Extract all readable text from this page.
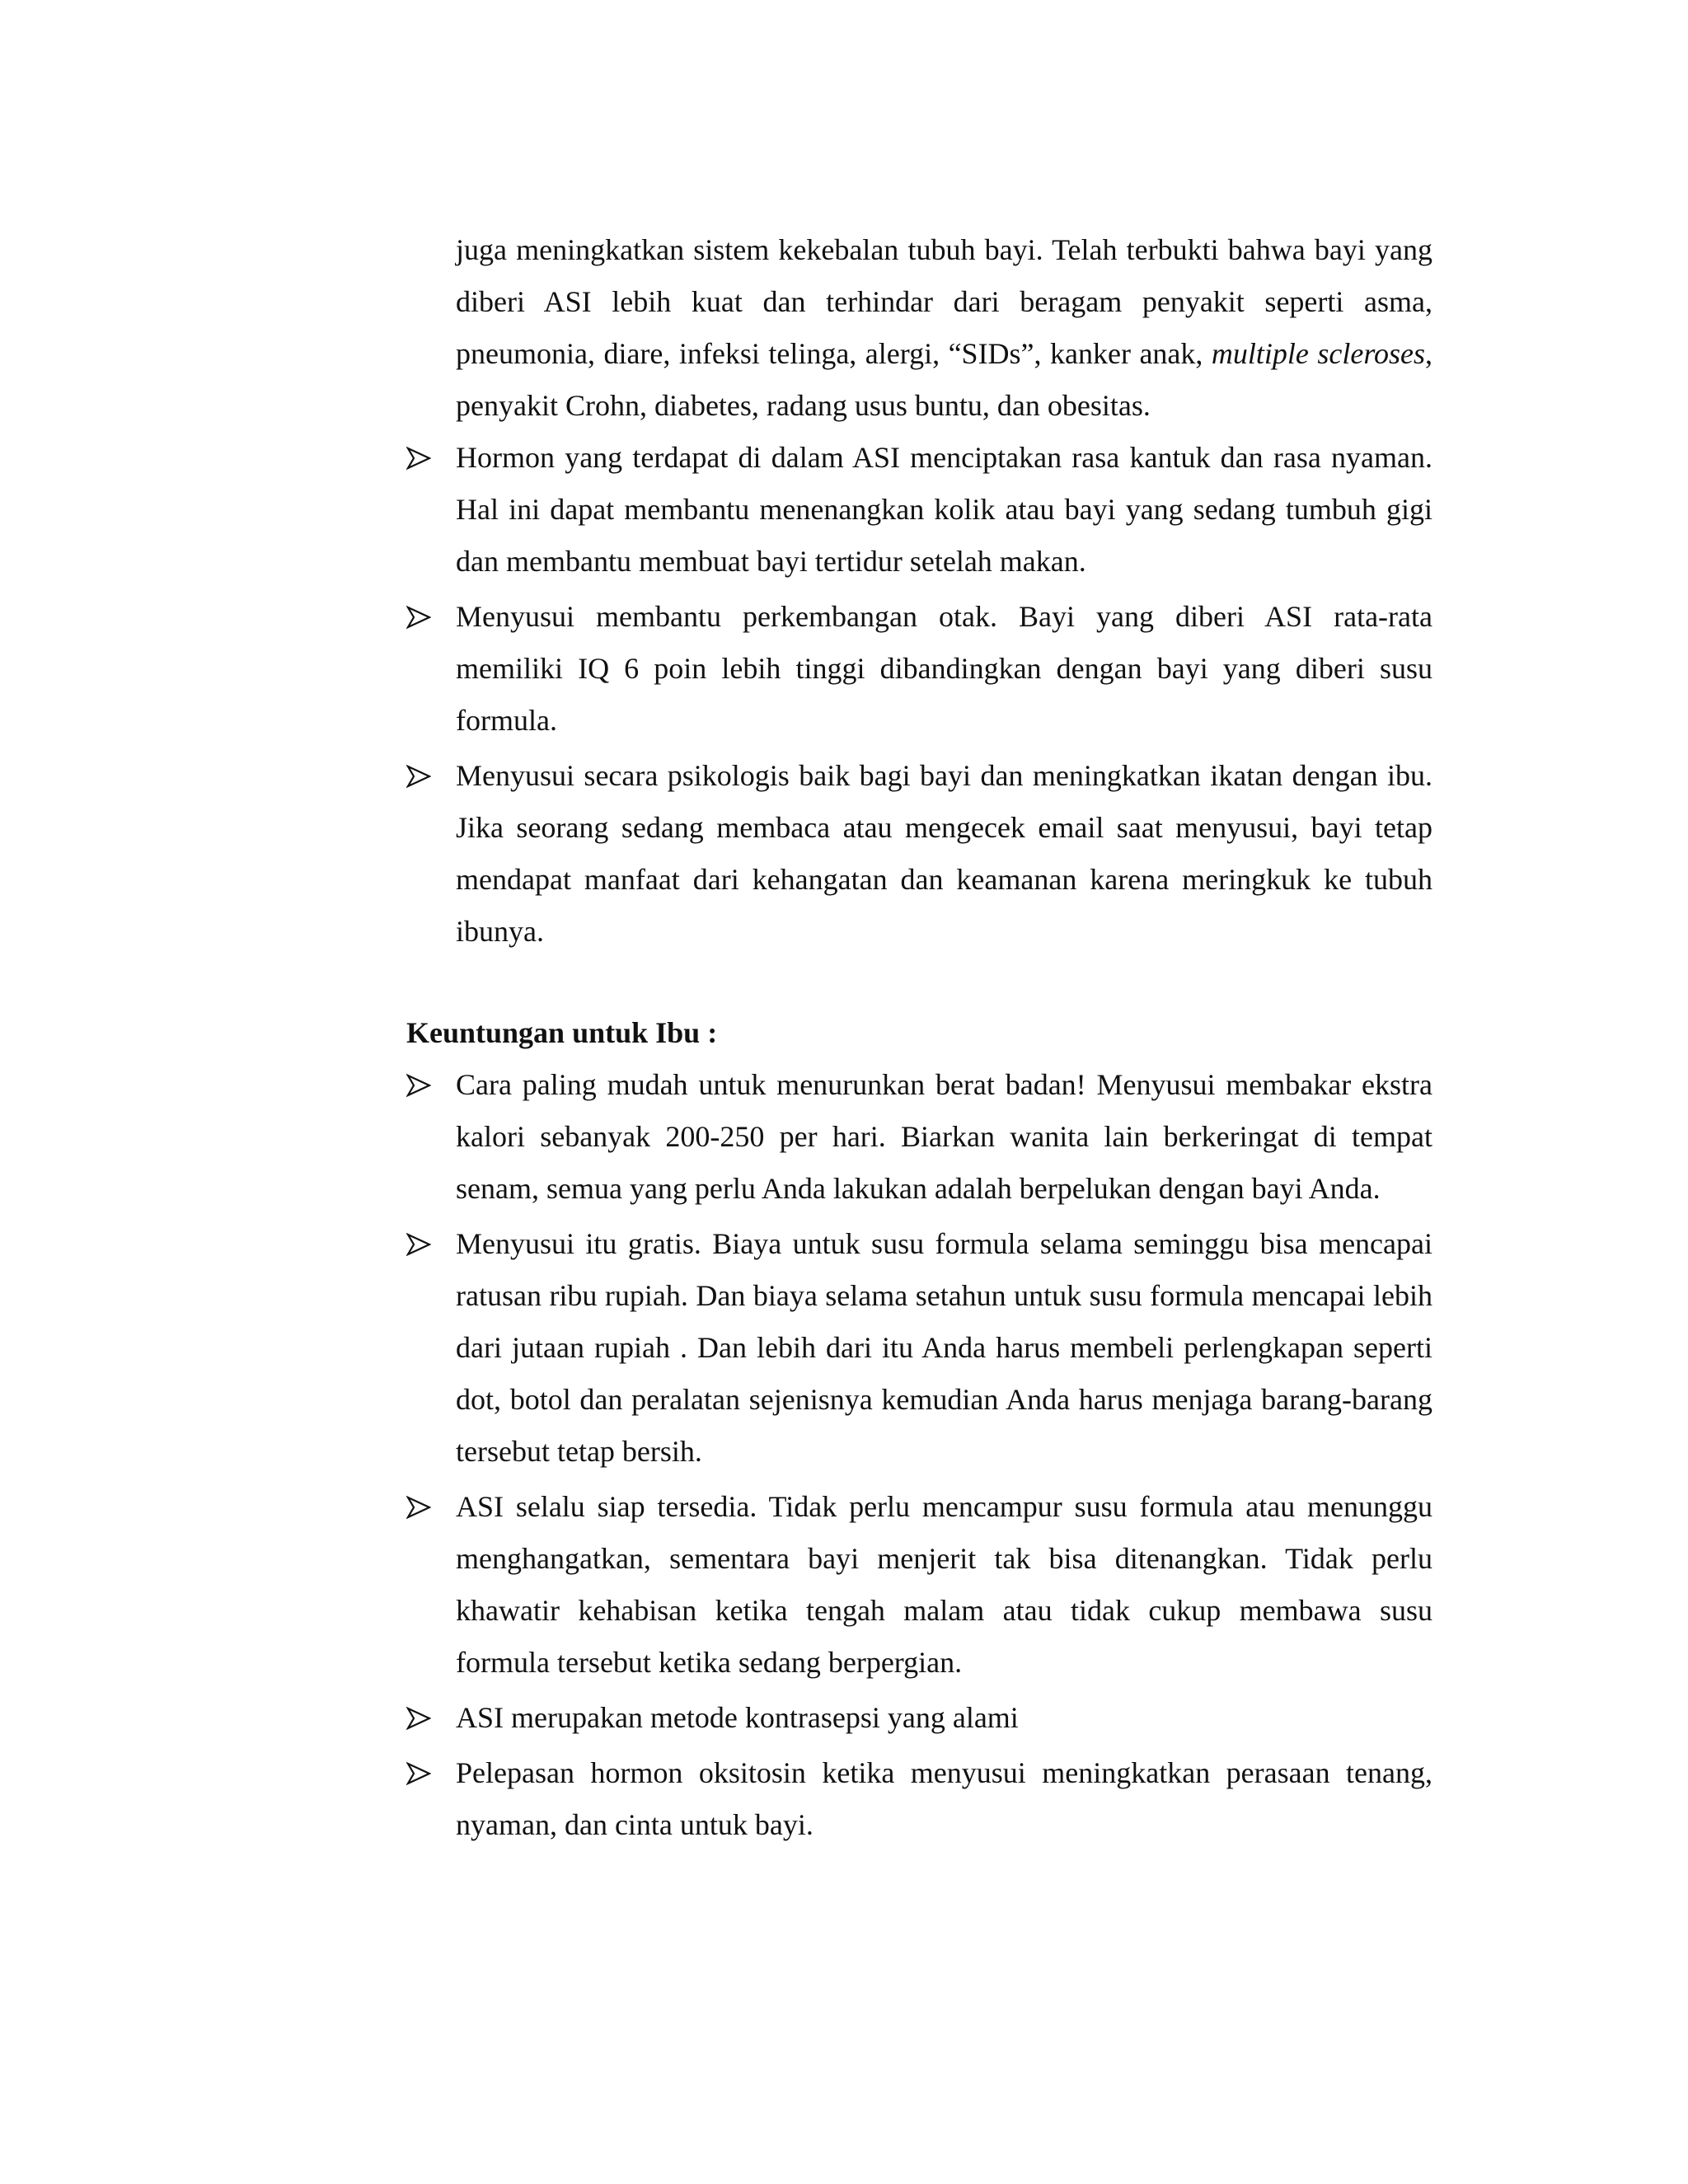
juga meningkatkan sistem kekebalan tubuh bayi. Telah terbukti bahwa bayi yang diberi ASI lebih kuat dan terhindar dari beragam penyakit seperti asma, pneumonia, diare, infeksi telinga, alergi, “SIDs”, kanker anak, multiple scleroses, penyakit Crohn, diabetes, radang usus buntu, dan obesitas.
Hormon yang terdapat di dalam ASI menciptakan rasa kantuk dan rasa nyaman. Hal ini dapat membantu menenangkan kolik atau bayi yang sedang tumbuh gigi dan membantu membuat bayi tertidur setelah makan.
Menyusui membantu perkembangan otak. Bayi yang diberi ASI rata-rata memiliki IQ 6 poin lebih tinggi dibandingkan dengan bayi yang diberi susu formula.
Menyusui secara psikologis baik bagi bayi dan meningkatkan ikatan dengan ibu. Jika seorang sedang membaca atau mengecek email saat menyusui, bayi tetap mendapat manfaat dari kehangatan dan keamanan karena meringkuk ke tubuh ibunya.
Keuntungan untuk Ibu :
Cara paling mudah untuk menurunkan berat badan! Menyusui membakar ekstra kalori sebanyak 200-250 per hari. Biarkan wanita lain berkeringat di tempat senam, semua yang perlu Anda lakukan adalah berpelukan dengan bayi Anda.
Menyusui itu gratis. Biaya untuk susu formula selama seminggu bisa mencapai ratusan ribu rupiah. Dan biaya selama setahun untuk susu formula mencapai lebih dari jutaan rupiah . Dan lebih dari itu Anda harus membeli perlengkapan seperti dot, botol dan peralatan sejenisnya kemudian Anda harus menjaga barang-barang tersebut tetap bersih.
ASI selalu siap tersedia. Tidak perlu mencampur susu formula atau menunggu menghangatkan, sementara bayi menjerit tak bisa ditenangkan. Tidak perlu khawatir kehabisan ketika tengah malam atau tidak cukup membawa susu formula tersebut ketika sedang berpergian.
ASI merupakan metode kontrasepsi yang alami
Pelepasan hormon oksitosin ketika menyusui meningkatkan perasaan tenang, nyaman, dan cinta untuk bayi.
